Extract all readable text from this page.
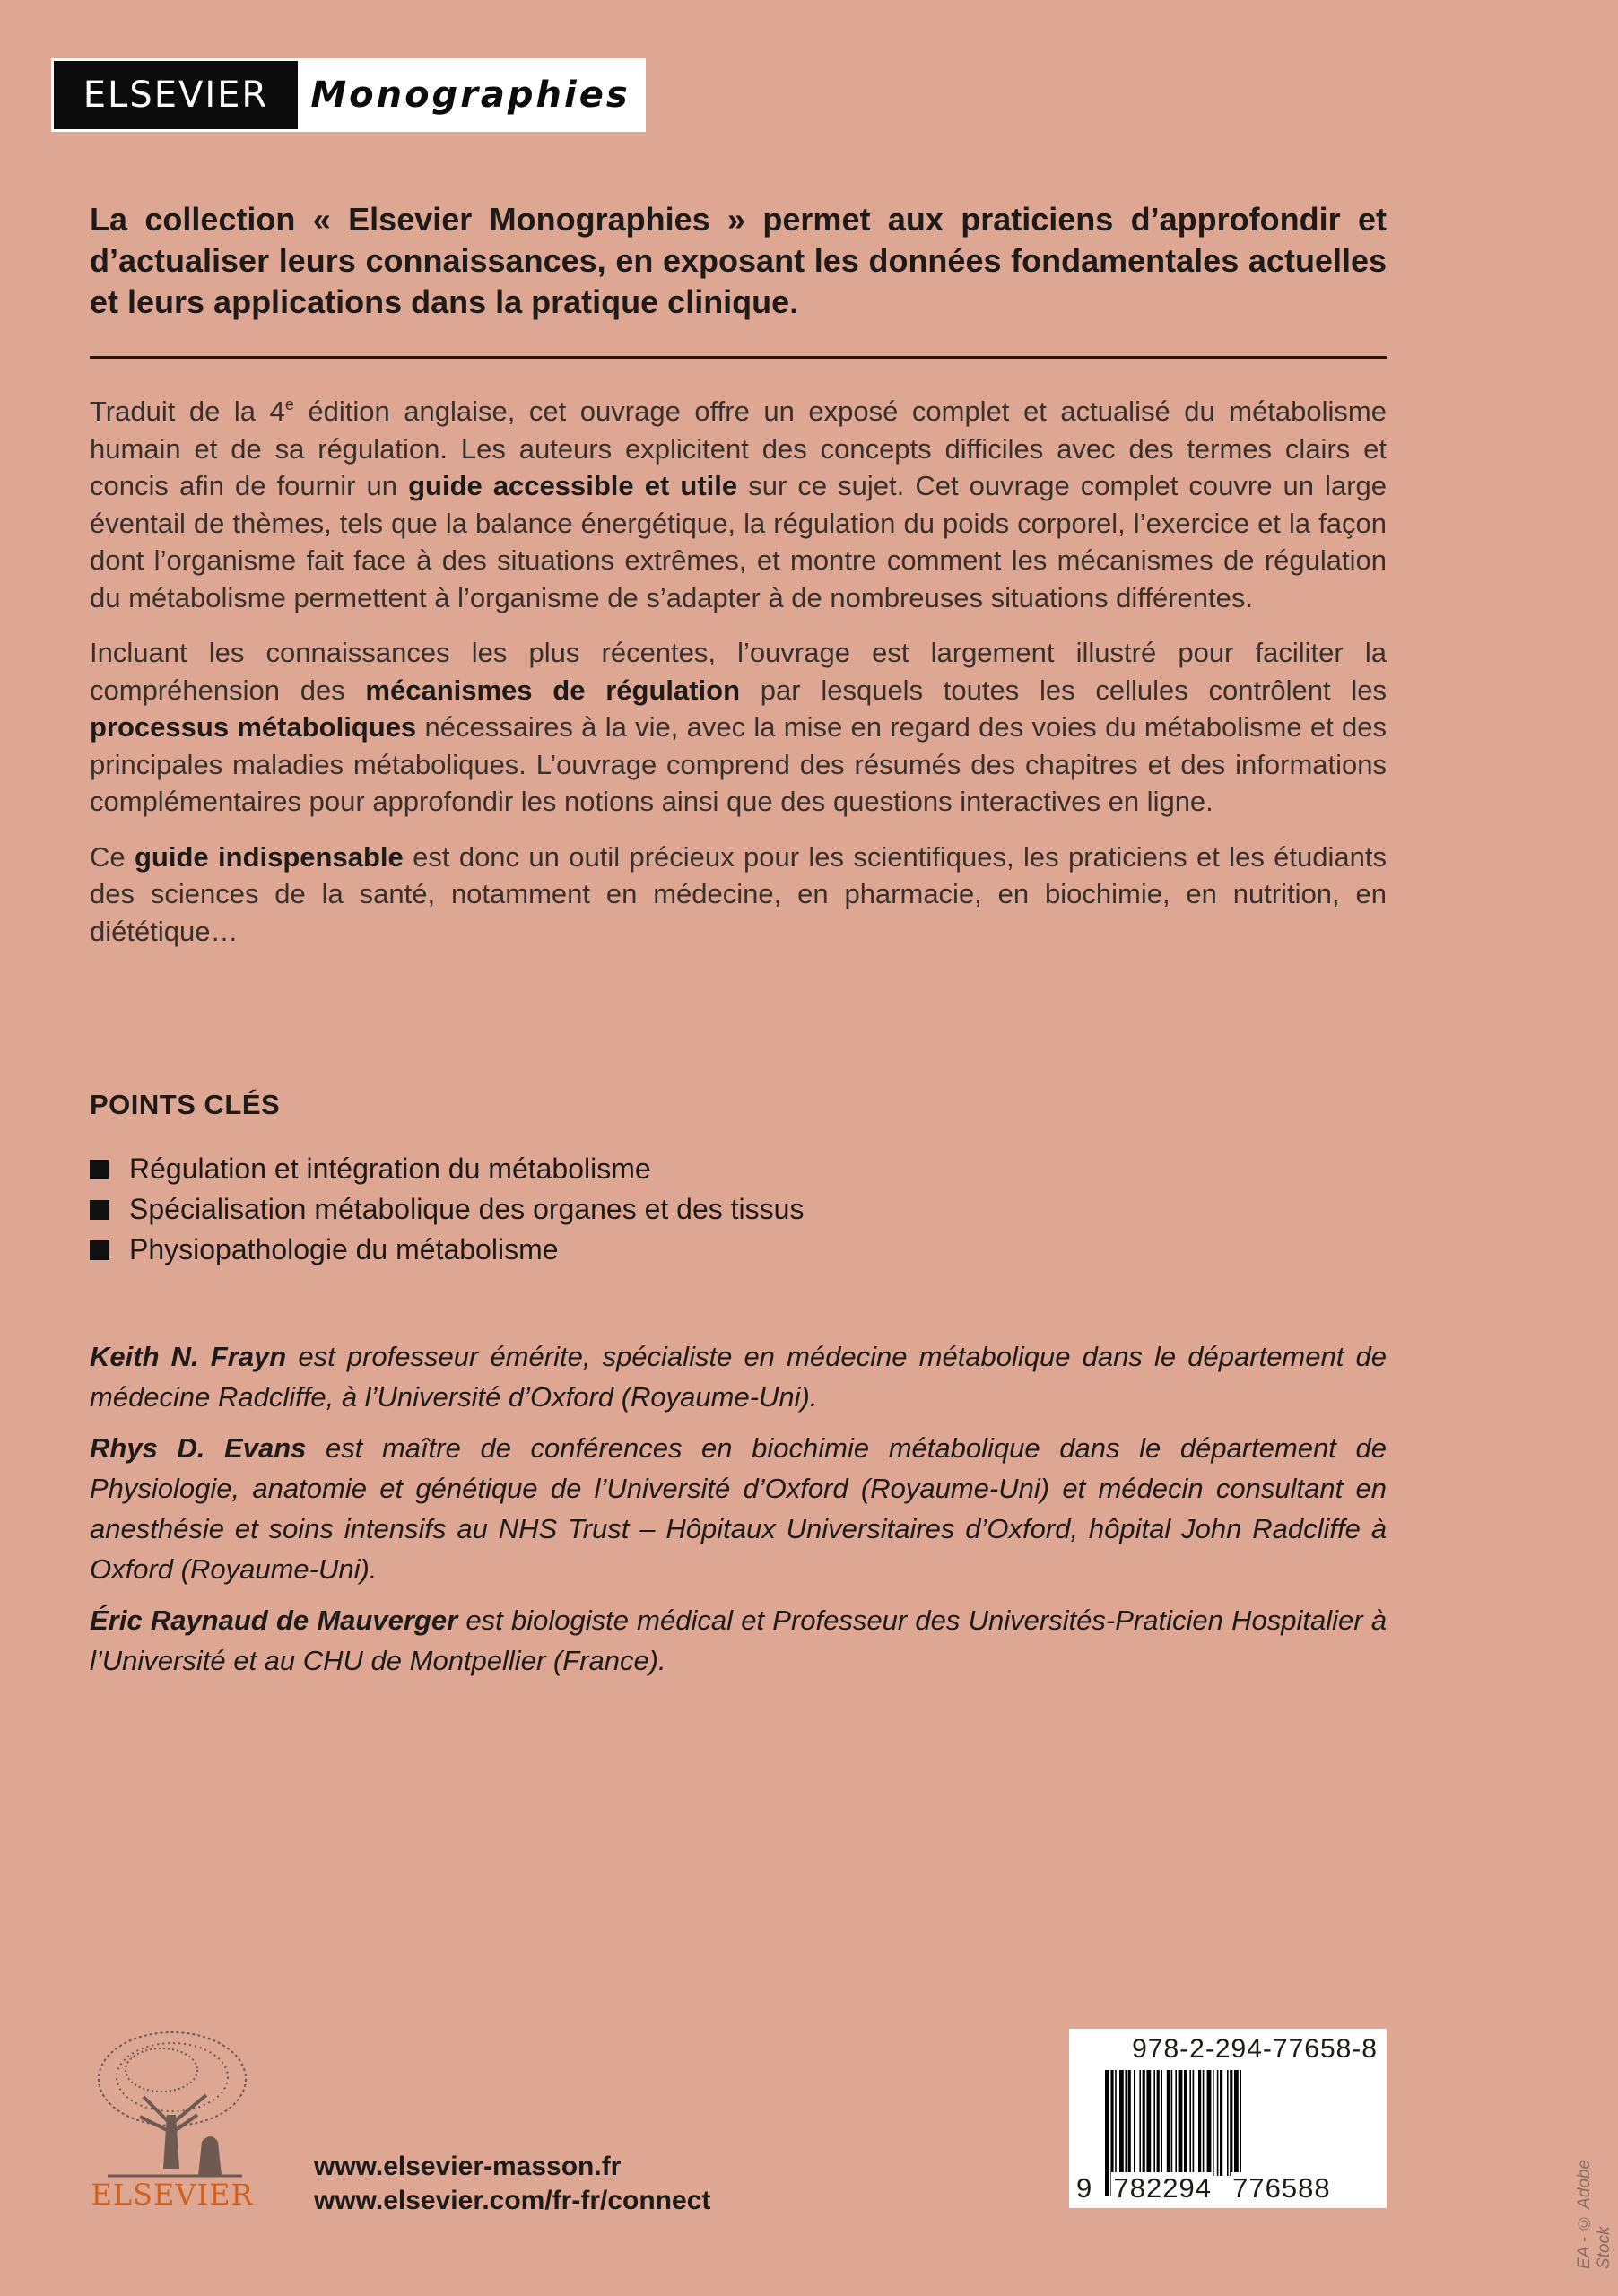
ELSEVIER	Monographies

La collection « Elsevier Monographies » permet aux praticiens d’approfondir et d’actualiser leurs connaissances, en exposant les données fondamentales actuelles et leurs applications dans la pratique clinique.

Traduit de la 4e édition anglaise, cet ouvrage offre un exposé complet et actualisé du métabolisme humain et de sa régulation. Les auteurs explicitent des concepts difficiles avec des termes clairs et concis afin de fournir un guide accessible et utile sur ce sujet. Cet ouvrage complet couvre un large éventail de thèmes, tels que la balance énergétique, la régulation du poids corporel, l’exercice et la façon dont l’organisme fait face à des situations extrêmes, et montre comment les mécanismes de régulation du métabolisme permettent à l’organisme de s’adapter à de nombreuses situations différentes.

Incluant les connaissances les plus récentes, l’ouvrage est largement illustré pour faciliter la compréhension des mécanismes de régulation par lesquels toutes les cellules contrôlent les processus métaboliques nécessaires à la vie, avec la mise en regard des voies du métabolisme et des principales maladies métaboliques. L’ouvrage comprend des résumés des chapitres et des informations complémentaires pour approfondir les notions ainsi que des questions interactives en ligne.

Ce guide indispensable est donc un outil précieux pour les scientifiques, les praticiens et les étudiants des sciences de la santé, notamment en médecine, en pharmacie, en biochimie, en nutrition, en diététique…

POINTS CLÉS
Régulation et intégration du métabolisme
Spécialisation métabolique des organes et des tissus
Physiopathologie du métabolisme

Keith N. Frayn est professeur émérite, spécialiste en médecine métabolique dans le département de médecine Radcliffe, à l’Université d’Oxford (Royaume-Uni).

Rhys D. Evans est maître de conférences en biochimie métabolique dans le département de Physiologie, anatomie et génétique de l’Université d’Oxford (Royaume-Uni) et médecin consultant en anesthésie et soins intensifs au NHS Trust – Hôpitaux Universitaires d’Oxford, hôpital John Radcliffe à Oxford (Royaume-Uni).

Éric Raynaud de Mauverger est biologiste médical et Professeur des Universités-Praticien Hospitalier à l’Université et au CHU de Montpellier (France).

ELSEVIER
www.elsevier-masson.fr
www.elsevier.com/fr-fr/connect
978-2-294-77658-8
9 782294 776588	EA - © Adobe Stock
